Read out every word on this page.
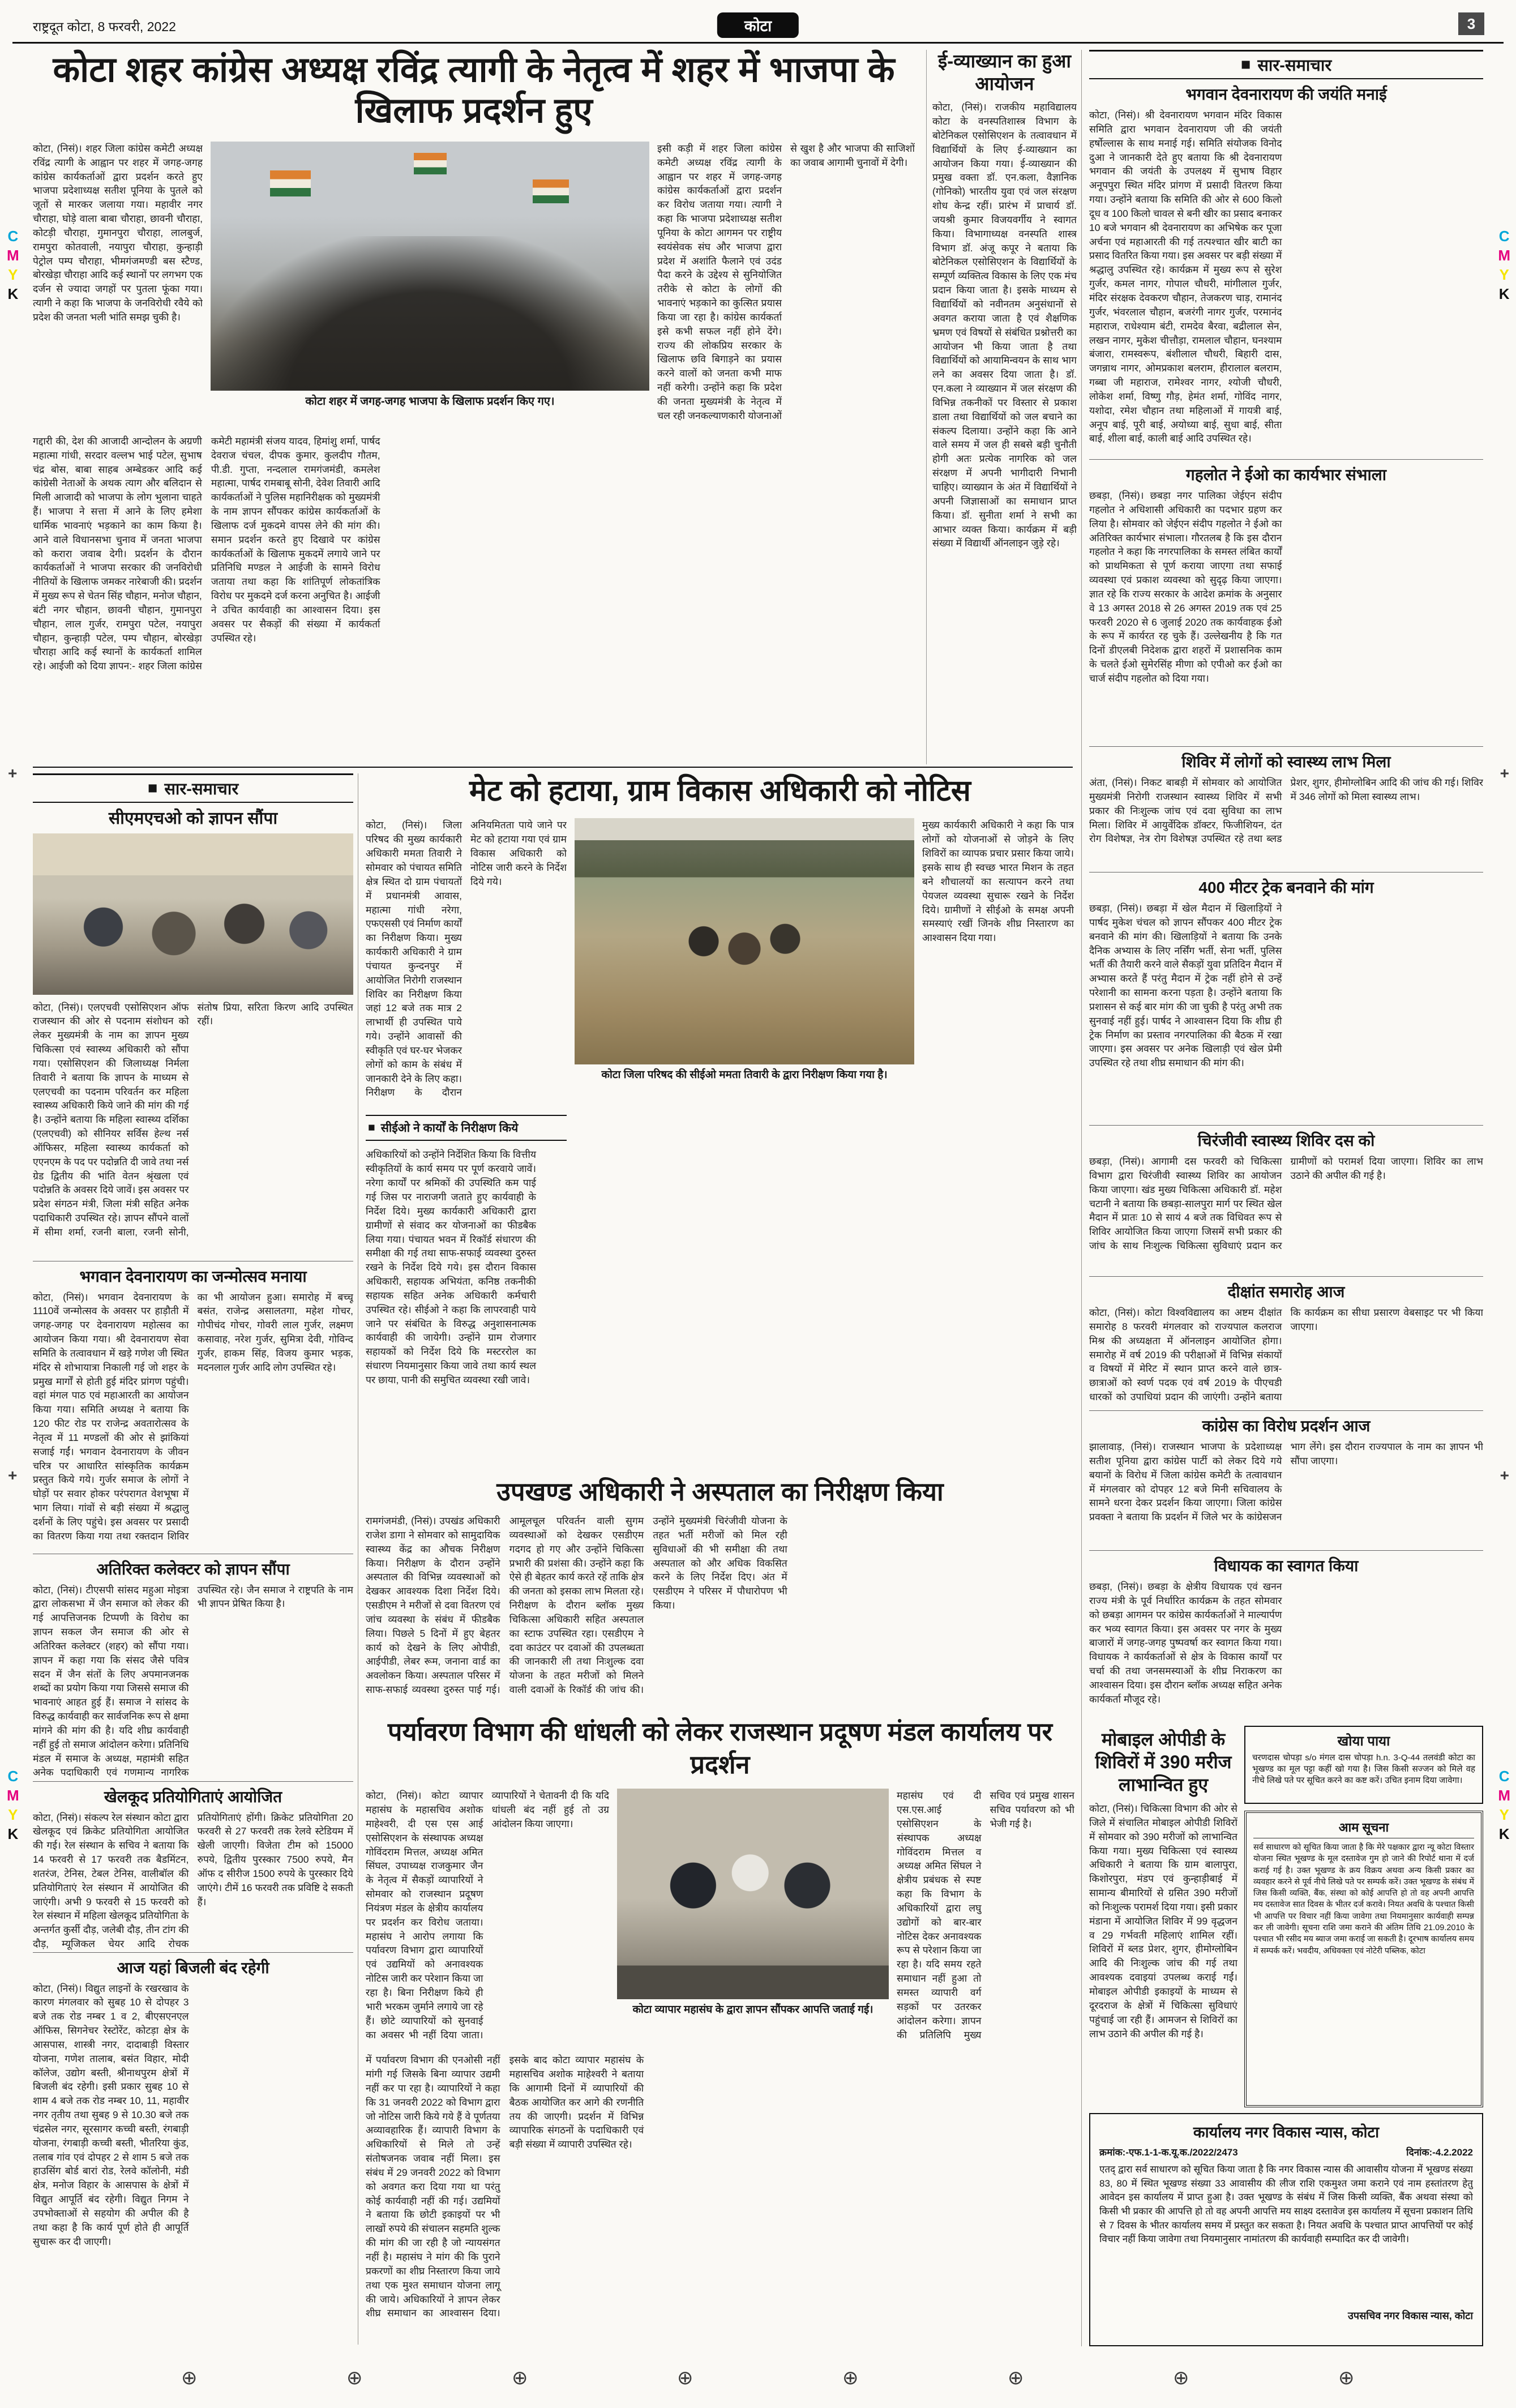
राष्ट्रदूत कोटा, 8 फरवरी, 2022	कोटा	3
कोटा शहर कांग्रेस अध्यक्ष रविंद्र त्यागी के नेतृत्व में शहर में भाजपा के खिलाफ प्रदर्शन हुए
कोटा, (निसं)। शहर जिला कांग्रेस कमेटी अध्यक्ष रविंद्र त्यागी के आह्वान पर शहर में जगह-जगह कांग्रेस कार्यकर्ताओं द्वारा प्रदर्शन करते हुए भाजपा प्रदेशाध्यक्ष सतीश पूनिया के पुतले को जूतों से मारकर जलाया गया। महावीर नगर चौराहा, घोड़े वाला बाबा चौराहा, छावनी चौराहा, कोटड़ी चौराहा, गुमानपुरा चौराहा, लालबुर्ज, रामपुरा कोतवाली, नयापुरा चौराहा, कुन्हाड़ी पेट्रोल पम्प चौराहा, भीमगंजमण्डी बस स्टैण्ड, बोरखेड़ा चौराहा आदि कई स्थानों पर लगभग एक दर्जन से ज्यादा जगहों पर पुतला फूंका गया। त्यागी ने कहा कि भाजपा के जनविरोधी रवैये को प्रदेश की जनता भली भांति समझ चुकी है।
कोटा शहर में जगह-जगह भाजपा के खिलाफ प्रदर्शन किए गए।
इसी कड़ी में शहर जिला कांग्रेस कमेटी अध्यक्ष रविंद्र त्यागी के आह्वान पर शहर में जगह-जगह कांग्रेस कार्यकर्ताओं द्वारा प्रदर्शन कर विरोध जताया गया। त्यागी ने कहा कि भाजपा प्रदेशाध्यक्ष सतीश पूनिया के कोटा आगमन पर राष्ट्रीय स्वयंसेवक संघ और भाजपा द्वारा प्रदेश में अशांति फैलाने एवं उदंड पैदा करने के उद्देश्य से सुनियोजित तरीके से कोटा के लोगों की भावनाएं भड़काने का कुत्सित प्रयास किया जा रहा है। कांग्रेस कार्यकर्ता इसे कभी सफल नहीं होने देंगे। राज्य की लोकप्रिय सरकार के खिलाफ छवि बिगाड़ने का प्रयास करने वालों को जनता कभी माफ नहीं करेगी। उन्होंने कहा कि प्रदेश की जनता मुख्यमंत्री के नेतृत्व में चल रही जनकल्याणकारी योजनाओं से खुश है और भाजपा की साजिशों का जवाब आगामी चुनावों में देगी।
गद्दारी की, देश की आजादी आन्दोलन के अग्रणी महात्मा गांधी, सरदार वल्लभ भाई पटेल, सुभाष चंद्र बोस, बाबा साहब अम्बेडकर आदि कई कांग्रेसी नेताओं के अथक त्याग और बलिदान से मिली आजादी को भाजपा के लोग भुलाना चाहते हैं। भाजपा ने सत्ता में आने के लिए हमेशा धार्मिक भावनाएं भड़काने का काम किया है। आने वाले विधानसभा चुनाव में जनता भाजपा को करारा जवाब देगी। प्रदर्शन के दौरान कार्यकर्ताओं ने भाजपा सरकार की जनविरोधी नीतियों के खिलाफ जमकर नारेबाजी की। प्रदर्शन में मुख्य रूप से चेतन सिंह चौहान, मनोज चौहान, बंटी नगर चौहान, छावनी चौहान, गुमानपुरा चौहान, लाल गुर्जर, रामपुरा पटेल, नयापुरा चौहान, कुन्हाड़ी पटेल, पम्प चौहान, बोरखेड़ा चौराहा आदि कई स्थानों के कार्यकर्ता शामिल रहे। आईजी को दिया ज्ञापन:- शहर जिला कांग्रेस कमेटी महामंत्री संजय यादव, हिमांशु शर्मा, पार्षद देवराज चंचल, दीपक कुमार, कुलदीप गौतम, पी.डी. गुप्ता, नन्दलाल रामगंजमंडी, कमलेश महात्मा, पार्षद रामबाबू सोनी, देवेश तिवारी आदि कार्यकर्ताओं ने पुलिस महानिरीक्षक को मुख्यमंत्री के नाम ज्ञापन सौंपकर कांग्रेस कार्यकर्ताओं के खिलाफ दर्ज मुकदमे वापस लेने की मांग की। समान प्रदर्शन करते हुए दिखावे पर कांग्रेस कार्यकर्ताओं के खिलाफ मुकदमें लगाये जाने पर प्रतिनिधि मण्डल ने आईजी के सामने विरोध जताया तथा कहा कि शांतिपूर्ण लोकतांत्रिक विरोध पर मुकदमे दर्ज करना अनुचित है। आईजी ने उचित कार्यवाही का आश्वासन दिया। इस अवसर पर सैकड़ों की संख्या में कार्यकर्ता उपस्थित रहे।
ई-व्याख्यान का हुआ आयोजन
कोटा, (निसं)। राजकीय महाविद्यालय कोटा के वनस्पतिशास्त्र विभाग के बोटेनिकल एसोसिएशन के तत्वावधान में विद्यार्थियों के लिए ई-व्याख्यान का आयोजन किया गया। ई-व्याख्यान की प्रमुख वक्ता डॉ. एन.कला, वैज्ञानिक (गोनिको) भारतीय युवा एवं जल संरक्षण शोध केन्द्र रहीं। प्रारंभ में प्राचार्य डॉ. जयश्री कुमार विजयवर्गीय ने स्वागत किया। विभागाध्यक्ष वनस्पति शास्त्र विभाग डॉ. अंजू कपूर ने बताया कि बोटेनिकल एसोसिएशन के विद्यार्थियों के सम्पूर्ण व्यक्तित्व विकास के लिए एक मंच प्रदान किया जाता है। इसके माध्यम से विद्यार्थियों को नवीनतम अनुसंधानों से अवगत कराया जाता है एवं शैक्षणिक भ्रमण एवं विषयों से संबंधित प्रश्नोत्तरी का आयोजन भी किया जाता है तथा विद्यार्थियों को आयामिन्वयन के साथ भाग लने का अवसर दिया जाता है। डॉ. एन.कला ने व्याख्यान में जल संरक्षण की विभिन्न तकनीकों पर विस्तार से प्रकाश डाला तथा विद्यार्थियों को जल बचाने का संकल्प दिलाया। उन्होंने कहा कि आने वाले समय में जल ही सबसे बड़ी चुनौती होगी अतः प्रत्येक नागरिक को जल संरक्षण में अपनी भागीदारी निभानी चाहिए। व्याख्यान के अंत में विद्यार्थियों ने अपनी जिज्ञासाओं का समाधान प्राप्त किया। डॉ. सुनीता शर्मा ने सभी का आभार व्यक्त किया। कार्यक्रम में बड़ी संख्या में विद्यार्थी ऑनलाइन जुड़े रहे।
■ सार-समाचार
भगवान देवनारायण की जयंति मनाई
कोटा, (निसं)। श्री देवनारायण भगवान मंदिर विकास समिति द्वारा भगवान देवनारायण जी की जयंती हर्षोल्लास के साथ मनाई गई। समिति संयोजक विनोद दुआ ने जानकारी देते हुए बताया कि श्री देवनारायण भगवान की जयंती के उपलक्ष्य में सुभाष विहार अनूपपुरा स्थित मंदिर प्रांगण में प्रसादी वितरण किया गया। उन्होंने बताया कि समिति की ओर से 600 किलो दूध व 100 किलो चावल से बनी खीर का प्रसाद बनाकर 10 बजे भगवान श्री देवनारायण का अभिषेक कर पूजा अर्चना एवं महाआरती की गई तत्पश्चात खीर बाटी का प्रसाद वितरित किया गया। इस अवसर पर बड़ी संख्या में श्रद्धालु उपस्थित रहे। कार्यक्रम में मुख्य रूप से सुरेश गुर्जर, कमल नागर, गोपाल चौधरी, मांगीलाल गुर्जर, मंदिर संरक्षक देवकरण चौहान, तेजकरण चाड़, रामानंद गुर्जर, भंवरलाल चौहान, बजरंगी नागर गुर्जर, परमानंद महाराज, राधेश्याम बंटी, रामदेव बैरवा, बद्रीलाल सेन, लखन नागर, मुकेश चीत्तौड़ा, रामलाल चौहान, घनश्याम बंजारा, रामस्वरूप, बंशीलाल चौधरी, बिहारी दास, जगन्नाथ नागर, ओमप्रकाश बलराम, हीरालाल बलराम, गब्बा जी महाराज, रामेश्वर नागर, श्योजी चौधरी, लोकेश शर्मा, विष्णु गौड़, हेमंत शर्मा, गोविंद नागर, यशोदा, रमेश चौहान तथा महिलाओं में गायत्री बाई, अनूप बाई, पूरी बाई, अयोध्या बाई, सुधा बाई, सीता बाई, शीला बाई, काली बाई आदि उपस्थित रहे।
गहलोत ने ईओ का कार्यभार संभाला
छबड़ा, (निसं)। छबड़ा नगर पालिका जेईएन संदीप गहलोत ने अधिशासी अधिकारी का पदभार ग्रहण कर लिया है। सोमवार को जेईएन संदीप गहलोत ने ईओ का अतिरिक्त कार्यभार संभाला। गौरतलब है कि इस दौरान गहलोत ने कहा कि नगरपालिका के समस्त लंबित कार्यों को प्राथमिकता से पूर्ण कराया जाएगा तथा सफाई व्यवस्था एवं प्रकाश व्यवस्था को सुदृढ़ किया जाएगा। ज्ञात रहे कि राज्य सरकार के आदेश क्रमांक के अनुसार वे 13 अगस्त 2018 से 26 अगस्त 2019 तक एवं 25 फरवरी 2020 से 6 जुलाई 2020 तक कार्यवाहक ईओ के रूप में कार्यरत रह चुके हैं। उल्लेखनीय है कि गत दिनों डीएलबी निदेशक द्वारा शहरों में प्रशासनिक काम के चलते ईओ सुमेरसिंह मीणा को एपीओ कर ईओ का चार्ज संदीप गहलोत को दिया गया।
शिविर में लोगों को स्वास्थ्य लाभ मिला
अंता, (निसं)। निकट बाबड़ी में सोमवार को आयोजित मुख्यमंत्री निरोगी राजस्थान स्वास्थ्य शिविर में सभी प्रकार की निःशुल्क जांच एवं दवा सुविधा का लाभ मिला। शिविर में आयुर्वेदिक डॉक्टर, फिजीशियन, दंत रोग विशेषज्ञ, नेत्र रोग विशेषज्ञ उपस्थित रहे तथा ब्लड प्रेशर, शुगर, हीमोग्लोबिन आदि की जांच की गई। शिविर में 346 लोगों को मिला स्वास्थ्य लाभ।
400 मीटर ट्रेक बनवाने की मांग
छबड़ा, (निसं)। छबड़ा में खेल मैदान में खिलाड़ियों ने पार्षद मुकेश चंचल को ज्ञापन सौंपकर 400 मीटर ट्रेक बनवाने की मांग की। खिलाड़ियों ने बताया कि उनके दैनिक अभ्यास के लिए नर्सिंग भर्ती, सेना भर्ती, पुलिस भर्ती की तैयारी करने वाले सैकड़ों युवा प्रतिदिन मैदान में अभ्यास करते हैं परंतु मैदान में ट्रेक नहीं होने से उन्हें परेशानी का सामना करना पड़ता है। उन्होंने बताया कि प्रशासन से कई बार मांग की जा चुकी है परंतु अभी तक सुनवाई नहीं हुई। पार्षद ने आश्वासन दिया कि शीघ्र ही ट्रेक निर्माण का प्रस्ताव नगरपालिका की बैठक में रखा जाएगा। इस अवसर पर अनेक खिलाड़ी एवं खेल प्रेमी उपस्थित रहे तथा शीघ्र समाधान की मांग की।
चिरंजीवी स्वास्थ्य शिविर दस को
छबड़ा, (निसं)। आगामी दस फरवरी को चिकित्सा विभाग द्वारा चिरंजीवी स्वास्थ्य शिविर का आयोजन किया जाएगा। खंड मुख्य चिकित्सा अधिकारी डॉ. महेश चटानी ने बताया कि छबड़ा-सालपुरा मार्ग पर स्थित खेल मैदान में प्रातः 10 से सायं 4 बजे तक विधिवत रूप से शिविर आयोजित किया जाएगा जिसमें सभी प्रकार की जांच के साथ निःशुल्क चिकित्सा सुविधाएं प्रदान कर ग्रामीणों को परामर्श दिया जाएगा। शिविर का लाभ उठाने की अपील की गई है।
दीक्षांत समारोह आज
कोटा, (निसं)। कोटा विश्वविद्यालय का अष्टम दीक्षांत समारोह 8 फरवरी मंगलवार को राज्यपाल कलराज मिश्र की अध्यक्षता में ऑनलाइन आयोजित होगा। समारोह में वर्ष 2019 की परीक्षाओं में विभिन्न संकायों व विषयों में मेरिट में स्थान प्राप्त करने वाले छात्र-छात्राओं को स्वर्ण पदक एवं वर्ष 2019 के पीएचडी धारकों को उपाधियां प्रदान की जाएंगी। उन्होंने बताया कि कार्यक्रम का सीधा प्रसारण वेबसाइट पर भी किया जाएगा।
कांग्रेस का विरोध प्रदर्शन आज
झालावाड़, (निसं)। राजस्थान भाजपा के प्रदेशाध्यक्ष सतीश पूनिया द्वारा कांग्रेस पार्टी को लेकर दिये गये बयानों के विरोध में जिला कांग्रेस कमेटी के तत्वावधान में मंगलवार को दोपहर 12 बजे मिनी सचिवालय के सामने धरना देकर प्रदर्शन किया जाएगा। जिला कांग्रेस प्रवक्ता ने बताया कि प्रदर्शन में जिले भर के कांग्रेसजन भाग लेंगे। इस दौरान राज्यपाल के नाम का ज्ञापन भी सौंपा जाएगा।
विधायक का स्वागत किया
छबड़ा, (निसं)। छबड़ा के क्षेत्रीय विधायक एवं खनन राज्य मंत्री के पूर्व निर्धारित कार्यक्रम के तहत सोमवार को छबड़ा आगमन पर कांग्रेस कार्यकर्ताओं ने माल्यार्पण कर भव्य स्वागत किया। इस अवसर पर नगर के मुख्य बाजारों में जगह-जगह पुष्पवर्षा कर स्वागत किया गया। विधायक ने कार्यकर्ताओं से क्षेत्र के विकास कार्यों पर चर्चा की तथा जनसमस्याओं के शीघ्र निराकरण का आश्वासन दिया। इस दौरान ब्लॉक अध्यक्ष सहित अनेक कार्यकर्ता मौजूद रहे।
■ सार-समाचार
सीएमएचओ को ज्ञापन सौंपा
कोटा, (निसं)। एलएचवी एसोसिएशन ऑफ राजस्थान की ओर से पदनाम संशोधन को लेकर मुख्यमंत्री के नाम का ज्ञापन मुख्य चिकित्सा एवं स्वास्थ्य अधिकारी को सौंपा गया। एसोसिएशन की जिलाध्यक्ष निर्मला तिवारी ने बताया कि ज्ञापन के माध्यम से एलएचवी का पदनाम परिवर्तन कर महिला स्वास्थ्य अधिकारी किये जाने की मांग की गई है। उन्होंने बताया कि महिला स्वास्थ्य दर्शिका (एलएचवी) को सीनियर सर्विस हेल्थ नर्स ऑफिसर, महिला स्वास्थ्य कार्यकर्ता को एएनएम के पद पर पदोन्नति दी जावे तथा नर्स ग्रेड द्वितीय की भांति वेतन श्रृंखला एवं पदोन्नति के अवसर दिये जावें। इस अवसर पर प्रदेश संगठन मंत्री, जिला मंत्री सहित अनेक पदाधिकारी उपस्थित रहे। ज्ञापन सौंपने वालों में सीमा शर्मा, रजनी बाला, रजनी सोनी, संतोष प्रिया, सरिता किरण आदि उपस्थित रहीं।
भगवान देवनारायण का जन्मोत्सव मनाया
कोटा, (निसं)। भगवान देवनारायण के 1110वें जन्मोत्सव के अवसर पर हाड़ौती में जगह-जगह पर देवनारायण महोत्सव का आयोजन किया गया। श्री देवनारायण सेवा समिति के तत्वावधान में खड़े गणेश जी स्थित मंदिर से शोभायात्रा निकाली गई जो शहर के प्रमुख मार्गों से होती हुई मंदिर प्रांगण पहुंची। वहां मंगल पाठ एवं महाआरती का आयोजन किया गया। समिति अध्यक्ष ने बताया कि 120 फीट रोड पर राजेन्द्र अवतारोत्सव के नेतृत्व में 11 मण्डलों की ओर से झांकियां सजाई गईं। भगवान देवनारायण के जीवन चरित्र पर आधारित सांस्कृतिक कार्यक्रम प्रस्तुत किये गये। गुर्जर समाज के लोगों ने घोड़ों पर सवार होकर परंपरागत वेशभूषा में भाग लिया। गांवों से बड़ी संख्या में श्रद्धालु दर्शनों के लिए पहुंचे। इस अवसर पर प्रसादी का वितरण किया गया तथा रक्तदान शिविर का भी आयोजन हुआ। समारोह में बच्चू बसंत, राजेन्द्र असालतगा, महेश गोचर, गोपीचंद गोचर, गोवरी लाल गुर्जर, लक्ष्मण कसावाह, नरेश गुर्जर, सुमित्रा देवी, गोविन्द गुर्जर, हाकम सिंह, विजय कुमार भड़क, मदनलाल गुर्जर आदि लोग उपस्थित रहे।
अतिरिक्त कलेक्टर को ज्ञापन सौंपा
कोटा, (निसं)। टीएसपी सांसद महुआ मोइत्रा द्वारा लोकसभा में जैन समाज को लेकर की गई आपत्तिजनक टिप्पणी के विरोध का ज्ञापन सकल जैन समाज की ओर से अतिरिक्त कलेक्टर (शहर) को सौंपा गया। ज्ञापन में कहा गया कि संसद जैसे पवित्र सदन में जैन संतों के लिए अपमानजनक शब्दों का प्रयोग किया गया जिससे समाज की भावनाएं आहत हुई हैं। समाज ने सांसद के विरुद्ध कार्यवाही कर सार्वजनिक रूप से क्षमा मांगने की मांग की है। यदि शीघ्र कार्यवाही नहीं हुई तो समाज आंदोलन करेगा। प्रतिनिधि मंडल में समाज के अध्यक्ष, महामंत्री सहित अनेक पदाधिकारी एवं गणमान्य नागरिक उपस्थित रहे। जैन समाज ने राष्ट्रपति के नाम भी ज्ञापन प्रेषित किया है।
खेलकूद प्रतियोगिताएं आयोजित
कोटा, (निसं)। संकल्प रेल संस्थान कोटा द्वारा खेलकूद एवं क्रिकेट प्रतियोगिता आयोजित की गई। रेल संस्थान के सचिव ने बताया कि 14 फरवरी से 17 फरवरी तक बैडमिंटन, शतरंज, टेनिस, टेबल टेनिस, वालीबॉल की प्रतियोगिताएं रेल संस्थान में आयोजित की जाएंगी। अभी 9 फरवरी से 15 फरवरी को रेल संस्थान में महिला खेलकूद प्रतियोगिता के अन्तर्गत कुर्सी दौड़, जलेबी दौड़, तीन टांग की दौड़, म्यूजिकल चेयर आदि रोचक प्रतियोगिताएं होंगी। क्रिकेट प्रतियोगिता 20 फरवरी से 27 फरवरी तक रेलवे स्टेडियम में खेली जाएगी। विजेता टीम को 15000 रुपये, द्वितीय पुरस्कार 7500 रुपये, मैन ऑफ द सीरीज 1500 रुपये के पुरस्कार दिये जाएंगे। टीमें 16 फरवरी तक प्रविष्टि दे सकती हैं।
आज यहां बिजली बंद रहेगी
कोटा, (निसं)। विद्युत लाइनों के रखरखाव के कारण मंगलवार को सुबह 10 से दोपहर 3 बजे तक रोड नम्बर 1 व 2, बीएसएनएल ऑफिस, सिगनेचर रेस्टोरेंट, कोटड़ा क्षेत्र के आसपास, शास्त्री नगर, दादाबाड़ी विस्तार योजना, गणेश तालाब, बसंत विहार, मोदी कॉलेज, उद्योग बस्ती, श्रीनाथपुरम क्षेत्रों में बिजली बंद रहेगी। इसी प्रकार सुबह 10 से शाम 4 बजे तक रोड नम्बर 10, 11, महावीर नगर तृतीय तथा सुबह 9 से 10.30 बजे तक चंद्रसेल नगर, सूरसागर कच्ची बस्ती, रंगबाड़ी योजना, रंगबाड़ी कच्ची बस्ती, भीतरिया कुंड, तलाब गांव एवं दोपहर 2 से शाम 5 बजे तक हाउसिंग बोर्ड बारां रोड, रेलवे कॉलोनी, मंडी क्षेत्र, मनोज विहार के आसपास के क्षेत्रों में विद्युत आपूर्ति बंद रहेगी। विद्युत निगम ने उपभोक्ताओं से सहयोग की अपील की है तथा कहा है कि कार्य पूर्ण होते ही आपूर्ति सुचारू कर दी जाएगी।
मेट को हटाया, ग्राम विकास अधिकारी को नोटिस
कोटा, (निसं)। जिला परिषद की मुख्य कार्यकारी अधिकारी ममता तिवारी ने सोमवार को पंचायत समिति क्षेत्र स्थित दो ग्राम पंचायतों में प्रधानमंत्री आवास, महात्मा गांधी नरेगा, एफएससी एवं निर्माण कार्यों का निरीक्षण किया। मुख्य कार्यकारी अधिकारी ने ग्राम पंचायत कुन्दनपुर में आयोजित निरोगी राजस्थान शिविर का निरीक्षण किया जहां 12 बजे तक मात्र 2 लाभार्थी ही उपस्थित पाये गये। उन्होंने आवासों की स्वीकृति एवं घर-घर भेजकर लोगों को काम के संबंध में जानकारी देने के लिए कहा। निरीक्षण के दौरान अनियमितता पाये जाने पर मेट को हटाया गया एवं ग्राम विकास अधिकारी को नोटिस जारी करने के निर्देश दिये गये।
कोटा जिला परिषद की सीईओ ममता तिवारी के द्वारा निरीक्षण किया गया है।
मुख्य कार्यकारी अधिकारी ने कहा कि पात्र लोगों को योजनाओं से जोड़ने के लिए शिविरों का व्यापक प्रचार प्रसार किया जाये। इसके साथ ही स्वच्छ भारत मिशन के तहत बने शौचालयों का सत्यापन करने तथा पेयजल व्यवस्था सुचारू रखने के निर्देश दिये। ग्रामीणों ने सीईओ के समक्ष अपनी समस्याएं रखीं जिनके शीघ्र निस्तारण का आश्वासन दिया गया।
■ सीईओ ने कार्यों के निरीक्षण किये
अधिकारियों को उन्होंने निर्देशित किया कि वित्तीय स्वीकृतियों के कार्य समय पर पूर्ण करवाये जावें। नरेगा कार्यों पर श्रमिकों की उपस्थिति कम पाई गई जिस पर नाराजगी जताते हुए कार्यवाही के निर्देश दिये। मुख्य कार्यकारी अधिकारी द्वारा ग्रामीणों से संवाद कर योजनाओं का फीडबैक लिया गया। पंचायत भवन में रिकॉर्ड संधारण की समीक्षा की गई तथा साफ-सफाई व्यवस्था दुरुस्त रखने के निर्देश दिये गये। इस दौरान विकास अधिकारी, सहायक अभियंता, कनिष्ठ तकनीकी सहायक सहित अनेक अधिकारी कर्मचारी उपस्थित रहे। सीईओ ने कहा कि लापरवाही पाये जाने पर संबंधित के विरुद्ध अनुशासनात्मक कार्यवाही की जायेगी। उन्होंने ग्राम रोजगार सहायकों को निर्देश दिये कि मस्टररोल का संधारण नियमानुसार किया जावे तथा कार्य स्थल पर छाया, पानी की समुचित व्यवस्था रखी जावे।
उपखण्ड अधिकारी ने अस्पताल का निरीक्षण किया
रामगंजमंडी, (निसं)। उपखंड अधिकारी राजेश डागा ने सोमवार को सामुदायिक स्वास्थ्य केंद्र का औचक निरीक्षण किया। निरीक्षण के दौरान उन्होंने अस्पताल की विभिन्न व्यवस्थाओं को देखकर आवश्यक दिशा निर्देश दिये। एसडीएम ने मरीजों से दवा वितरण एवं जांच व्यवस्था के संबंध में फीडबैक लिया। पिछले 5 दिनों में हुए बेहतर कार्य को देखने के लिए ओपीडी, आईपीडी, लेबर रूम, जनाना वार्ड का अवलोकन किया। अस्पताल परिसर में साफ-सफाई व्यवस्था दुरुस्त पाई गई। आमूलचूल परिवर्तन वाली सुगम व्यवस्थाओं को देखकर एसडीएम गदगद हो गए और उन्होंने चिकित्सा प्रभारी की प्रशंसा की। उन्होंने कहा कि ऐसे ही बेहतर कार्य करते रहें ताकि क्षेत्र की जनता को इसका लाभ मिलता रहे। निरीक्षण के दौरान ब्लॉक मुख्य चिकित्सा अधिकारी सहित अस्पताल का स्टाफ उपस्थित रहा। एसडीएम ने दवा काउंटर पर दवाओं की उपलब्धता की जानकारी ली तथा निःशुल्क दवा योजना के तहत मरीजों को मिलने वाली दवाओं के रिकॉर्ड की जांच की। उन्होंने मुख्यमंत्री चिरंजीवी योजना के तहत भर्ती मरीजों को मिल रही सुविधाओं की भी समीक्षा की तथा अस्पताल को और अधिक विकसित करने के लिए निर्देश दिए। अंत में एसडीएम ने परिसर में पौधारोपण भी किया।
पर्यावरण विभाग की धांधली को लेकर राजस्थान प्रदूषण मंडल कार्यालय पर प्रदर्शन
कोटा, (निसं)। कोटा व्यापार महासंघ के महासचिव अशोक माहेश्वरी, दी एस एस आई एसोसिएशन के संस्थापक अध्यक्ष गोविंदराम मित्तल, अध्यक्ष अमित सिंघल, उपाध्यक्ष राजकुमार जैन के नेतृत्व में सैकड़ों व्यापारियों ने सोमवार को राजस्थान प्रदूषण नियंत्रण मंडल के क्षेत्रीय कार्यालय पर प्रदर्शन कर विरोध जताया। महासंघ ने आरोप लगाया कि पर्यावरण विभाग द्वारा व्यापारियों एवं उद्यमियों को अनावश्यक नोटिस जारी कर परेशान किया जा रहा है। बिना निरीक्षण किये ही भारी भरकम जुर्माने लगाये जा रहे हैं। छोटे व्यापारियों को सुनवाई का अवसर भी नहीं दिया जाता। व्यापारियों ने चेतावनी दी कि यदि धांधली बंद नहीं हुई तो उग्र आंदोलन किया जाएगा।
कोटा व्यापार महासंघ के द्वारा ज्ञापन सौंपकर आपत्ति जताई गई।
महासंघ एवं दी एस.एस.आई एसोसिएशन के संस्थापक अध्यक्ष गोविंदराम मित्तल व अध्यक्ष अमित सिंघल ने क्षेत्रीय प्रबंधक से स्पष्ट कहा कि विभाग के अधिकारियों द्वारा लघु उद्योगों को बार-बार नोटिस देकर अनावश्यक रूप से परेशान किया जा रहा है। यदि समय रहते समाधान नहीं हुआ तो समस्त व्यापारी वर्ग सड़कों पर उतरकर आंदोलन करेगा। ज्ञापन की प्रतिलिपि मुख्य सचिव एवं प्रमुख शासन सचिव पर्यावरण को भी भेजी गई है।
में पर्यावरण विभाग की एनओसी नहीं मांगी गई जिसके बिना व्यापार उद्यमी नहीं कर पा रहा है। व्यापारियों ने कहा कि 31 जनवरी 2022 को विभाग द्वारा जो नोटिस जारी किये गये हैं वे पूर्णतया अव्यावहारिक हैं। व्यापारी विभाग के अधिकारियों से मिले तो उन्हें संतोषजनक जवाब नहीं मिला। इस संबंध में 29 जनवरी 2022 को विभाग को अवगत करा दिया गया था परंतु कोई कार्यवाही नहीं की गई। उद्यमियों ने बताया कि छोटी इकाइयों पर भी लाखों रुपये की संचालन सहमति शुल्क की मांग की जा रही है जो न्यायसंगत नहीं है। महासंघ ने मांग की कि पुराने प्रकरणों का शीघ्र निस्तारण किया जाये तथा एक मुश्त समाधान योजना लागू की जाये। अधिकारियों ने ज्ञापन लेकर शीघ्र समाधान का आश्वासन दिया। इसके बाद कोटा व्यापार महासंघ के महासचिव अशोक माहेश्वरी ने बताया कि आगामी दिनों में व्यापारियों की बैठक आयोजित कर आगे की रणनीति तय की जाएगी। प्रदर्शन में विभिन्न व्यापारिक संगठनों के पदाधिकारी एवं बड़ी संख्या में व्यापारी उपस्थित रहे।
मोबाइल ओपीडी के शिविरों में 390 मरीज लाभान्वित हुए
कोटा, (निसं)। चिकित्सा विभाग की ओर से जिले में संचालित मोबाइल ओपीडी शिविरों में सोमवार को 390 मरीजों को लाभान्वित किया गया। मुख्य चिकित्सा एवं स्वास्थ्य अधिकारी ने बताया कि ग्राम बालापुरा, किशोरपुरा, मंडप एवं कुन्हाड़ीबाई में सामान्य बीमारियों से ग्रसित 390 मरीजों को निःशुल्क परामर्श दिया गया। इसी प्रकार मंडाना में आयोजित शिविर में 99 वृद्धजन व 29 गर्भवती महिलाएं शामिल रहीं। शिविरों में ब्लड प्रेशर, शुगर, हीमोग्लोबिन आदि की निःशुल्क जांच की गई तथा आवश्यक दवाइयां उपलब्ध कराई गईं। मोबाइल ओपीडी इकाइयों के माध्यम से दूरदराज के क्षेत्रों में चिकित्सा सुविधाएं पहुंचाई जा रही हैं। आमजन से शिविरों का लाभ उठाने की अपील की गई है।
खोया पाया
चरणदास चोपड़ा s/o मंगल दास चोपड़ा h.n. 3-Q-44 तलवंडी कोटा का भूखण्ड का मूल पट्टा कहीं खो गया है। जिस किसी सज्जन को मिले वह नीचे लिखे पते पर सूचित करने का कष्ट करें। उचित इनाम दिया जावेगा।
आम सूचना
सर्व साधारण को सूचित किया जाता है कि मेरे पक्षकार द्वारा न्यू कोटा विस्तार योजना स्थित भूखण्ड के मूल दस्तावेज गुम हो जाने की रिपोर्ट थाना में दर्ज कराई गई है। उक्त भूखण्ड के क्रय विक्रय अथवा अन्य किसी प्रकार का व्यवहार करने से पूर्व नीचे लिखे पते पर सम्पर्क करें। उक्त भूखण्ड के संबंध में जिस किसी व्यक्ति, बैंक, संस्था को कोई आपत्ति हो तो वह अपनी आपत्ति मय दस्तावेज सात दिवस के भीतर दर्ज करावे। नियत अवधि के पश्चात किसी भी आपत्ति पर विचार नहीं किया जावेगा तथा नियमानुसार कार्यवाही सम्पन्न कर ली जावेगी। सूचना राशि जमा कराने की अंतिम तिथि 21.09.2010 के पश्चात भी रसीद मय ब्याज जमा कराई जा सकती है। दूरभाष कार्यालय समय में सम्पर्क करें। भवदीय, अधिवक्ता एवं नोटेरी पब्लिक, कोटा
कार्यालय नगर विकास न्यास, कोटा
क्रमांक:-एफ.1-1-क.यू.क./2022/2473	दिनांक:-4.2.2022
एतद् द्वारा सर्व साधारण को सूचित किया जाता है कि नगर विकास न्यास की आवासीय योजना में भूखण्ड संख्या 83, 80 में स्थित भूखण्ड संख्या 33 आवासीय की लीज राशि एकमुश्त जमा कराने एवं नाम हस्तांतरण हेतु आवेदन इस कार्यालय में प्राप्त हुआ है। उक्त भूखण्ड के संबंध में जिस किसी व्यक्ति, बैंक अथवा संस्था को किसी भी प्रकार की आपत्ति हो तो वह अपनी आपत्ति मय साक्ष्य दस्तावेज इस कार्यालय में सूचना प्रकाशन तिथि से 7 दिवस के भीतर कार्यालय समय में प्रस्तुत कर सकता है। नियत अवधि के पश्चात प्राप्त आपत्तियों पर कोई विचार नहीं किया जावेगा तथा नियमानुसार नामांतरण की कार्यवाही सम्पादित कर दी जावेगी।
उपसचिव नगर विकास न्यास, कोटा
C
M
Y
K
C
M
Y
K
C
M
Y
K
C
M
Y
K
+	+
+	+
⊕	⊕	⊕	⊕	⊕	⊕	⊕	⊕
